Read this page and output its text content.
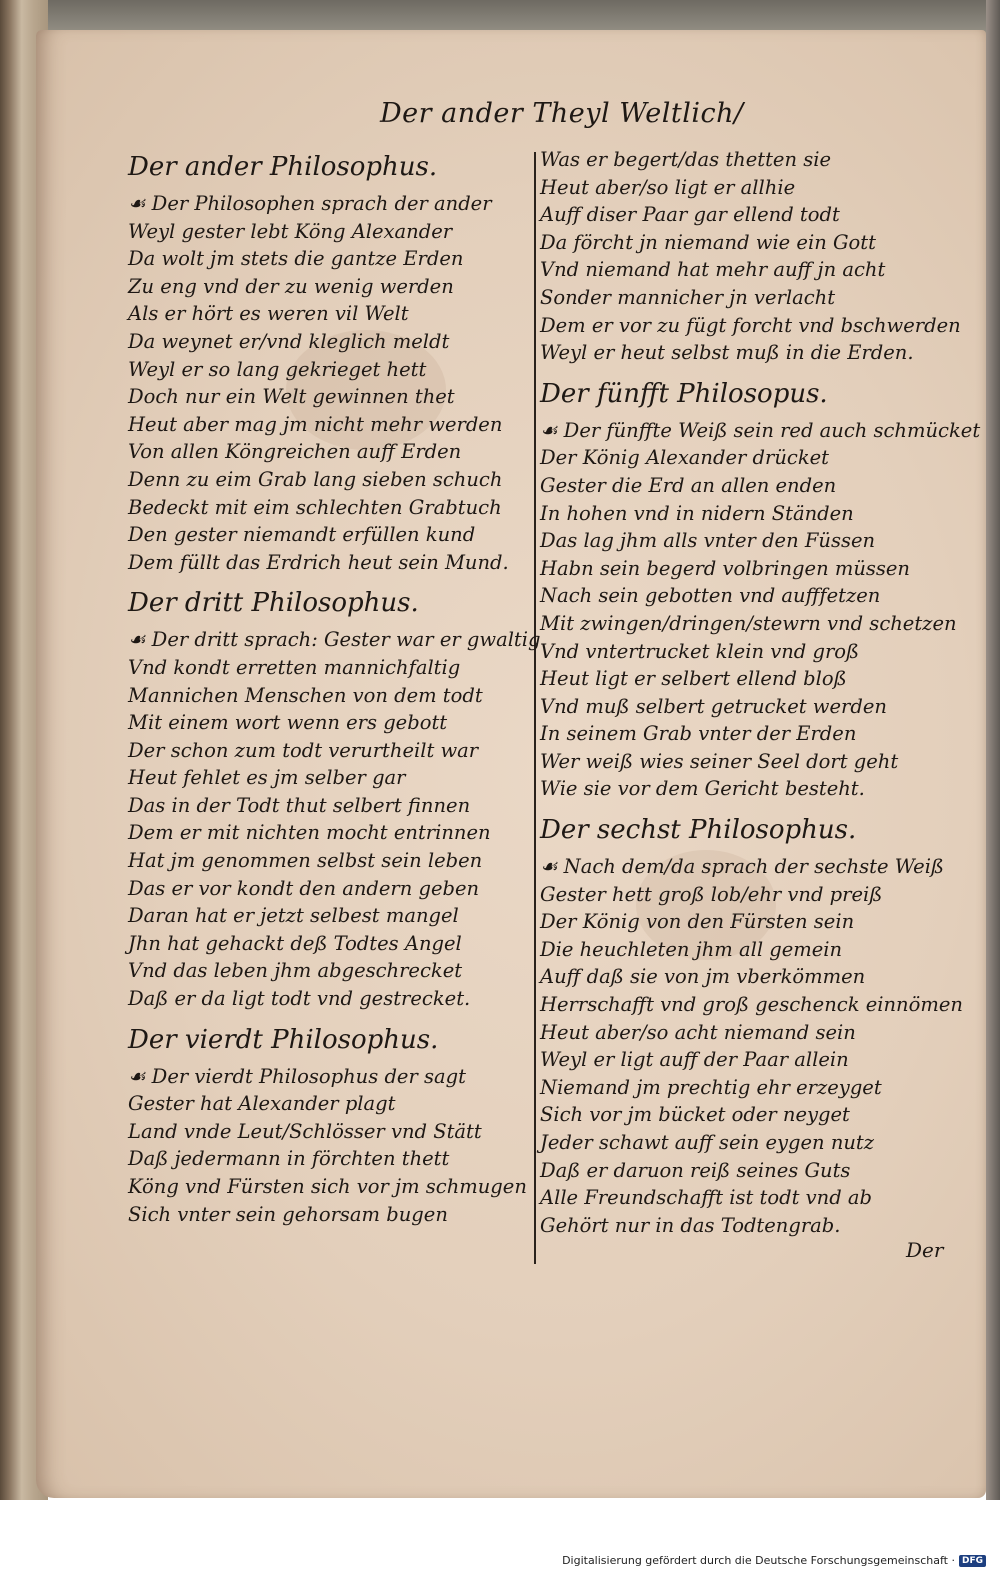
Der ander Theyl Weltlich/
Der ander Philosophus.
☙ Der Philosophen sprach der ander
Weyl gester lebt Köng Alexander
Da wolt jm stets die gantze Erden
Zu eng vnd der zu wenig werden
Als er hört es weren vil Welt
Da weynet er/vnd kleglich meldt
Weyl er so lang gekrieget hett
Doch nur ein Welt gewinnen thet
Heut aber mag jm nicht mehr werden
Von allen Köngreichen auff Erden
Denn zu eim Grab lang sieben schuch
Bedeckt mit eim schlechten Grabtuch
Den gester niemandt erfüllen kund
Dem füllt das Erdrich heut sein Mund.
Der dritt Philosophus.
☙ Der dritt sprach: Gester war er gwaltig
Vnd kondt erretten mannichfaltig
Mannichen Menschen von dem todt
Mit einem wort wenn ers gebott
Der schon zum todt verurtheilt war
Heut fehlet es jm selber gar
Das in der Todt thut selbert finnen
Dem er mit nichten mocht entrinnen
Hat jm genommen selbst sein leben
Das er vor kondt den andern geben
Daran hat er jetzt selbest mangel
Jhn hat gehackt deß Todtes Angel
Vnd das leben jhm abgeschrecket
Daß er da ligt todt vnd gestrecket.
Der vierdt Philosophus.
☙ Der vierdt Philosophus der sagt
Gester hat Alexander plagt
Land vnde Leut/Schlösser vnd Stätt
Daß jedermann in förchten thett
Köng vnd Fürsten sich vor jm schmugen
Sich vnter sein gehorsam bugen
Was er begert/das thetten sie
Heut aber/so ligt er allhie
Auff diser Paar gar ellend todt
Da förcht jn niemand wie ein Gott
Vnd niemand hat mehr auff jn acht
Sonder mannicher jn verlacht
Dem er vor zu fügt forcht vnd bschwerden
Weyl er heut selbst muß in die Erden.
Der fünfft Philosopus.
☙ Der fünffte Weiß sein red auch schmücket
Der König Alexander drücket
Gester die Erd an allen enden
In hohen vnd in nidern Ständen
Das lag jhm alls vnter den Füssen
Habn sein begerd volbringen müssen
Nach sein gebotten vnd aufffetzen
Mit zwingen/dringen/stewrn vnd schetzen
Vnd vntertrucket klein vnd groß
Heut ligt er selbert ellend bloß
Vnd muß selbert getrucket werden
In seinem Grab vnter der Erden
Wer weiß wies seiner Seel dort geht
Wie sie vor dem Gericht besteht.
Der sechst Philosophus.
☙ Nach dem/da sprach der sechste Weiß
Gester hett groß lob/ehr vnd preiß
Der König von den Fürsten sein
Die heuchleten jhm all gemein
Auff daß sie von jm vberkömmen
Herrschafft vnd groß geschenck einnömen
Heut aber/so acht niemand sein
Weyl er ligt auff der Paar allein
Niemand jm prechtig ehr erzeyget
Sich vor jm bücket oder neyget
Jeder schawt auff sein eygen nutz
Daß er daruon reiß seines Guts
Alle Freundschafft ist todt vnd ab
Gehört nur in das Todtengrab.
Der
Digitalisierung gefördert durch die Deutsche Forschungsgemeinschaft · DFG
